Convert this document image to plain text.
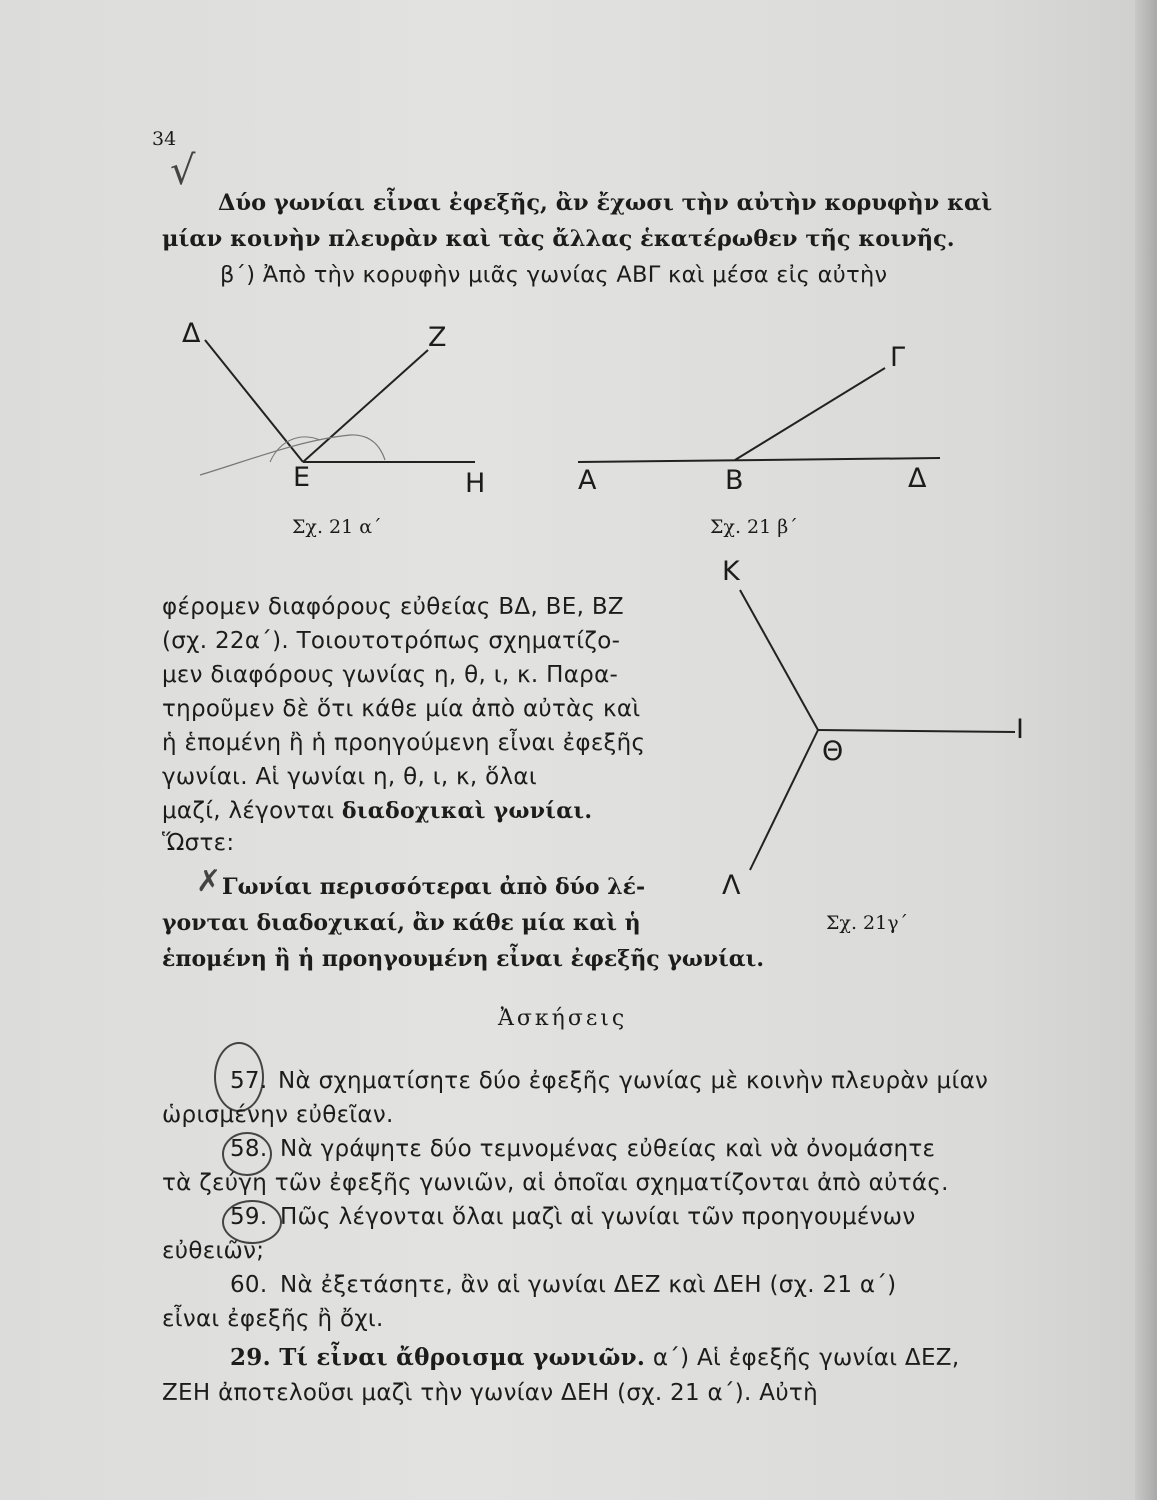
34
√
Δύο γωνίαι εἶναι ἐφεξῆς, ἂν ἔχωσι τὴν αὐτὴν κορυφὴν καὶ
μίαν κοινὴν πλευρὰν καὶ τὰς ἄλλας ἑκατέρωθεν τῆς κοινῆς.
β΄) Ἀπὸ τὴν κορυφὴν μιᾶς γωνίας ΑΒΓ καὶ μέσα εἰς αὐτὴν
Δ	Ζ
Ε	Η
Σχ. 21 α΄
Α	Β	Δ
Γ
Σχ. 21 β΄
Κ
Ι
Θ
Λ
Σχ. 21γ΄
φέρομεν διαφόρους εὐθείας ΒΔ, ΒΕ, ΒΖ
(σχ. 22α΄). Τοιουτοτρόπως σχηματίζο-
μεν διαφόρους γωνίας η, θ, ι, κ. Παρα-
τηροῦμεν δὲ ὅτι κάθε μία ἀπὸ αὐτὰς καὶ
ἡ ἑπομένη ἢ ἡ προηγούμενη εἶναι ἐφεξῆς
γωνίαι. Αἱ γωνίαι η, θ, ι, κ, ὅλαι
μαζί, λέγονται διαδοχικαὶ γωνίαι.
Ὥστε:
✗ Γωνίαι περισσότεραι ἀπὸ δύο λέ-
γονται διαδοχικαί, ἂν κάθε μία καὶ ἡ
ἑπομένη ἢ ἡ προηγουμένη εἶναι ἐφεξῆς γωνίαι.
Ἀσκήσεις
57. Νὰ σχηματίσητε δύο ἐφεξῆς γωνίας μὲ κοινὴν πλευρὰν μίαν
ὡρισμένην εὐθεῖαν.
58. Νὰ γράψητε δύο τεμνομένας εὐθείας καὶ νὰ ὀνομάσητε
τὰ ζεύγη τῶν ἐφεξῆς γωνιῶν, αἱ ὁποῖαι σχηματίζονται ἀπὸ αὐτάς.
59. Πῶς λέγονται ὅλαι μαζὶ αἱ γωνίαι τῶν προηγουμένων
εὐθειῶν;
60. Νὰ ἐξετάσητε, ἂν αἱ γωνίαι ΔΕΖ καὶ ΔΕΗ (σχ. 21 α΄)
εἶναι ἐφεξῆς ἢ ὄχι.
29. Τί εἶναι ἄθροισμα γωνιῶν. α΄) Αἱ ἐφεξῆς γωνίαι ΔΕΖ,
ΖΕΗ ἀποτελοῦσι μαζὶ τὴν γωνίαν ΔΕΗ (σχ. 21 α΄). Αὐτὴ
